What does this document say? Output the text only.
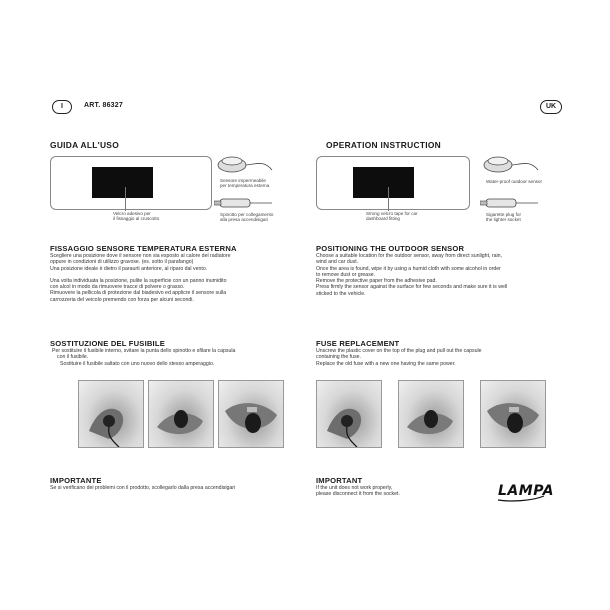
I	ART. 86327	UK
GUIDA ALL'USO
Velcro adesivo per
il fissaggio al cruscotto
Sensore impermeabile
per temperatura esterna
Spinotto per collegamento
alla presa accendisigari
FISSAGGIO SENSORE TEMPERATURA ESTERNA
Scegliere una posizione dove il sensore non sia esposto al calore del radiatore
oppure in condizioni di utilizzo gravose. (es. sotto il parafango)
Una posizione ideale è dietro il paraurti anteriore, al riparo dal vento.
Una volta individuata la posizione, pulite la superficie con un panno inumidito
con alcol in modo da rimuovere tracce di polvere o grasso.
Rimuovere la pellicola di protezione dal biadesivo ed applicre il sensore sulla
carrozzeria del veicolo premendo con forza per alcuni secondi.
SOSTITUZIONE DEL FUSIBILE
Per sostituire il fusibile interno, svitare la punta dello spinotto e sfilare la capsula
con il fusibile.
Sostituire il fusibile saltato con uno nuovo dello stesso amperaggio.
IMPORTANTE
Se si verificano dei problemi con il prodotto, scollegarlo dalla presa accendisigari
OPERATION INSTRUCTION
Strong velcro tape for car
dashboard fitting
Water-proof outdoor sensor
Sigarette plug for
the lighter socket
POSITIONING THE OUTDOOR SENSOR
Choose a suitable location for the outdoor sensor, away from direct sunlight, rain,
wind and car dust.
Once the area is found, wipe it by using a humid cloth with some alcohol in order
to remove dust or grease.
Remove the protective paper from the adhesive pad.
Press firmly the sensor against the surface for few seconds and make sure it is well
sticked to the vehicle.
FUSE REPLACEMENT
Unscrew the plastic cover on the top of the plug and pull out the capsule
containing the fuse.
Replace the old fuse with a new one having the same power.
IMPORTANT
If the unit does not work properly,
please disconnect it from the socket.	LAMPA
